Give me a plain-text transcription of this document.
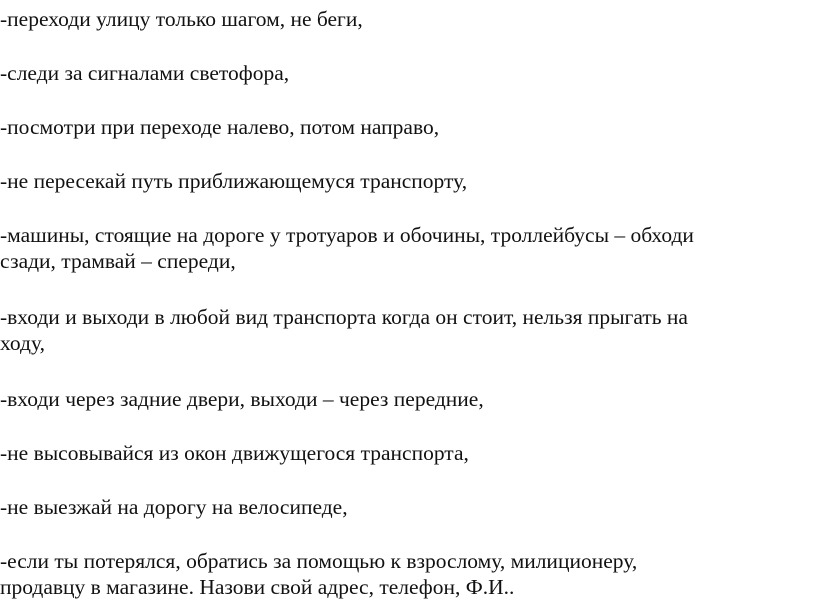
-переходи улицу только шагом, не беги,

-следи за сигналами светофора,

-посмотри при переходе налево, потом направо,

-не пересекай путь приближающемуся транспорту,

-машины, стоящие на дороге у тротуаров и обочины, троллейбусы – обходи
сзади, трамвай – спереди,

-входи и выходи в любой вид транспорта когда он стоит, нельзя прыгать на
ходу,

-входи через задние двери, выходи – через передние,

-не высовывайся из окон движущегося транспорта,

-не выезжай на дорогу на велосипеде,

-если ты потерялся, обратись за помощью к взрослому, милиционеру,
продавцу в магазине. Назови свой адрес, телефон, Ф.И..
